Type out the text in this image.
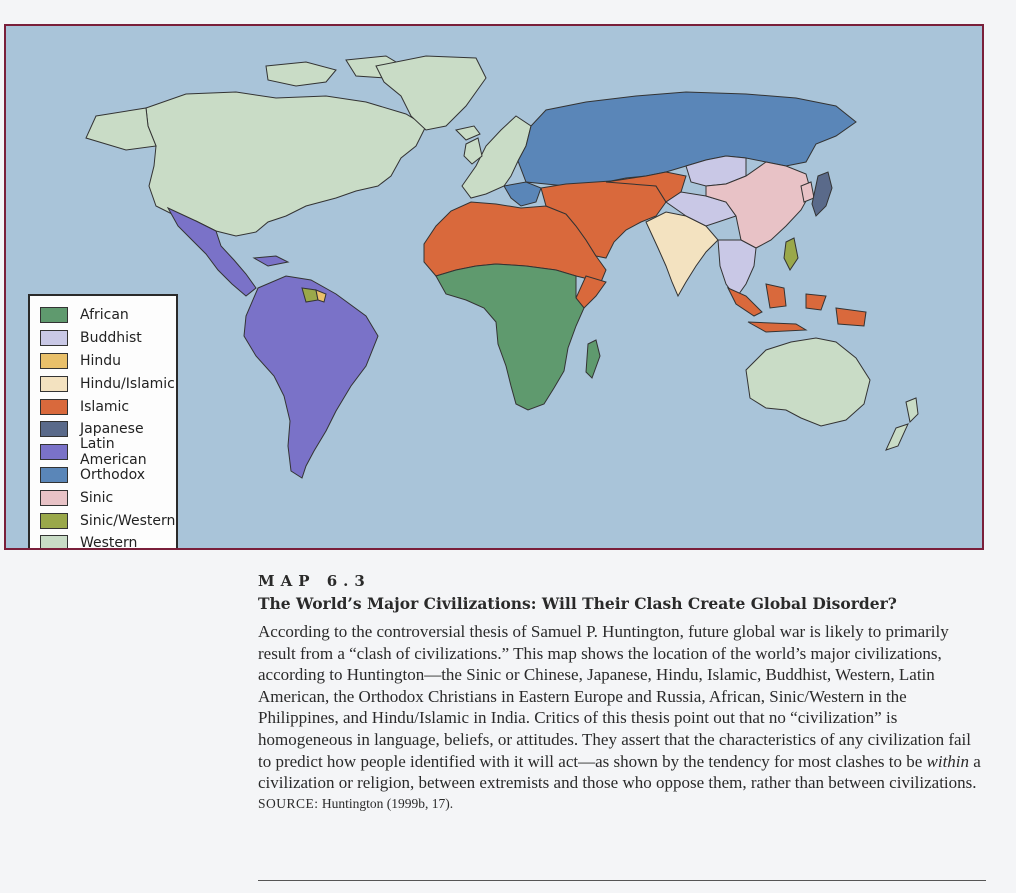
African
Buddhist
Hindu
Hindu/Islamic
Islamic
Japanese
Latin American
Orthodox
Sinic
Sinic/Western
Western

MAP 6.3

The World’s Major Civilizations: Will Their Clash Create Global Disorder?

According to the controversial thesis of Samuel P. Huntington, future global war is likely to primarily result from a “clash of civilizations.” This map shows the location of the world’s major civilizations, according to Huntington—the Sinic or Chinese, Japanese, Hindu, Islamic, Buddhist, Western, Latin American, the Orthodox Christians in Eastern Europe and Russia, African, Sinic/Western in the Philippines, and Hindu/Islamic in India. Critics of this thesis point out that no “civilization” is homogeneous in language, beliefs, or attitudes. They assert that the characteristics of any civilization fail to predict how people identified with it will act—as shown by the tendency for most clashes to be within a civilization or religion, between extremists and those who oppose them, rather than between civilizations.

SOURCE: Huntington (1999b, 17).
